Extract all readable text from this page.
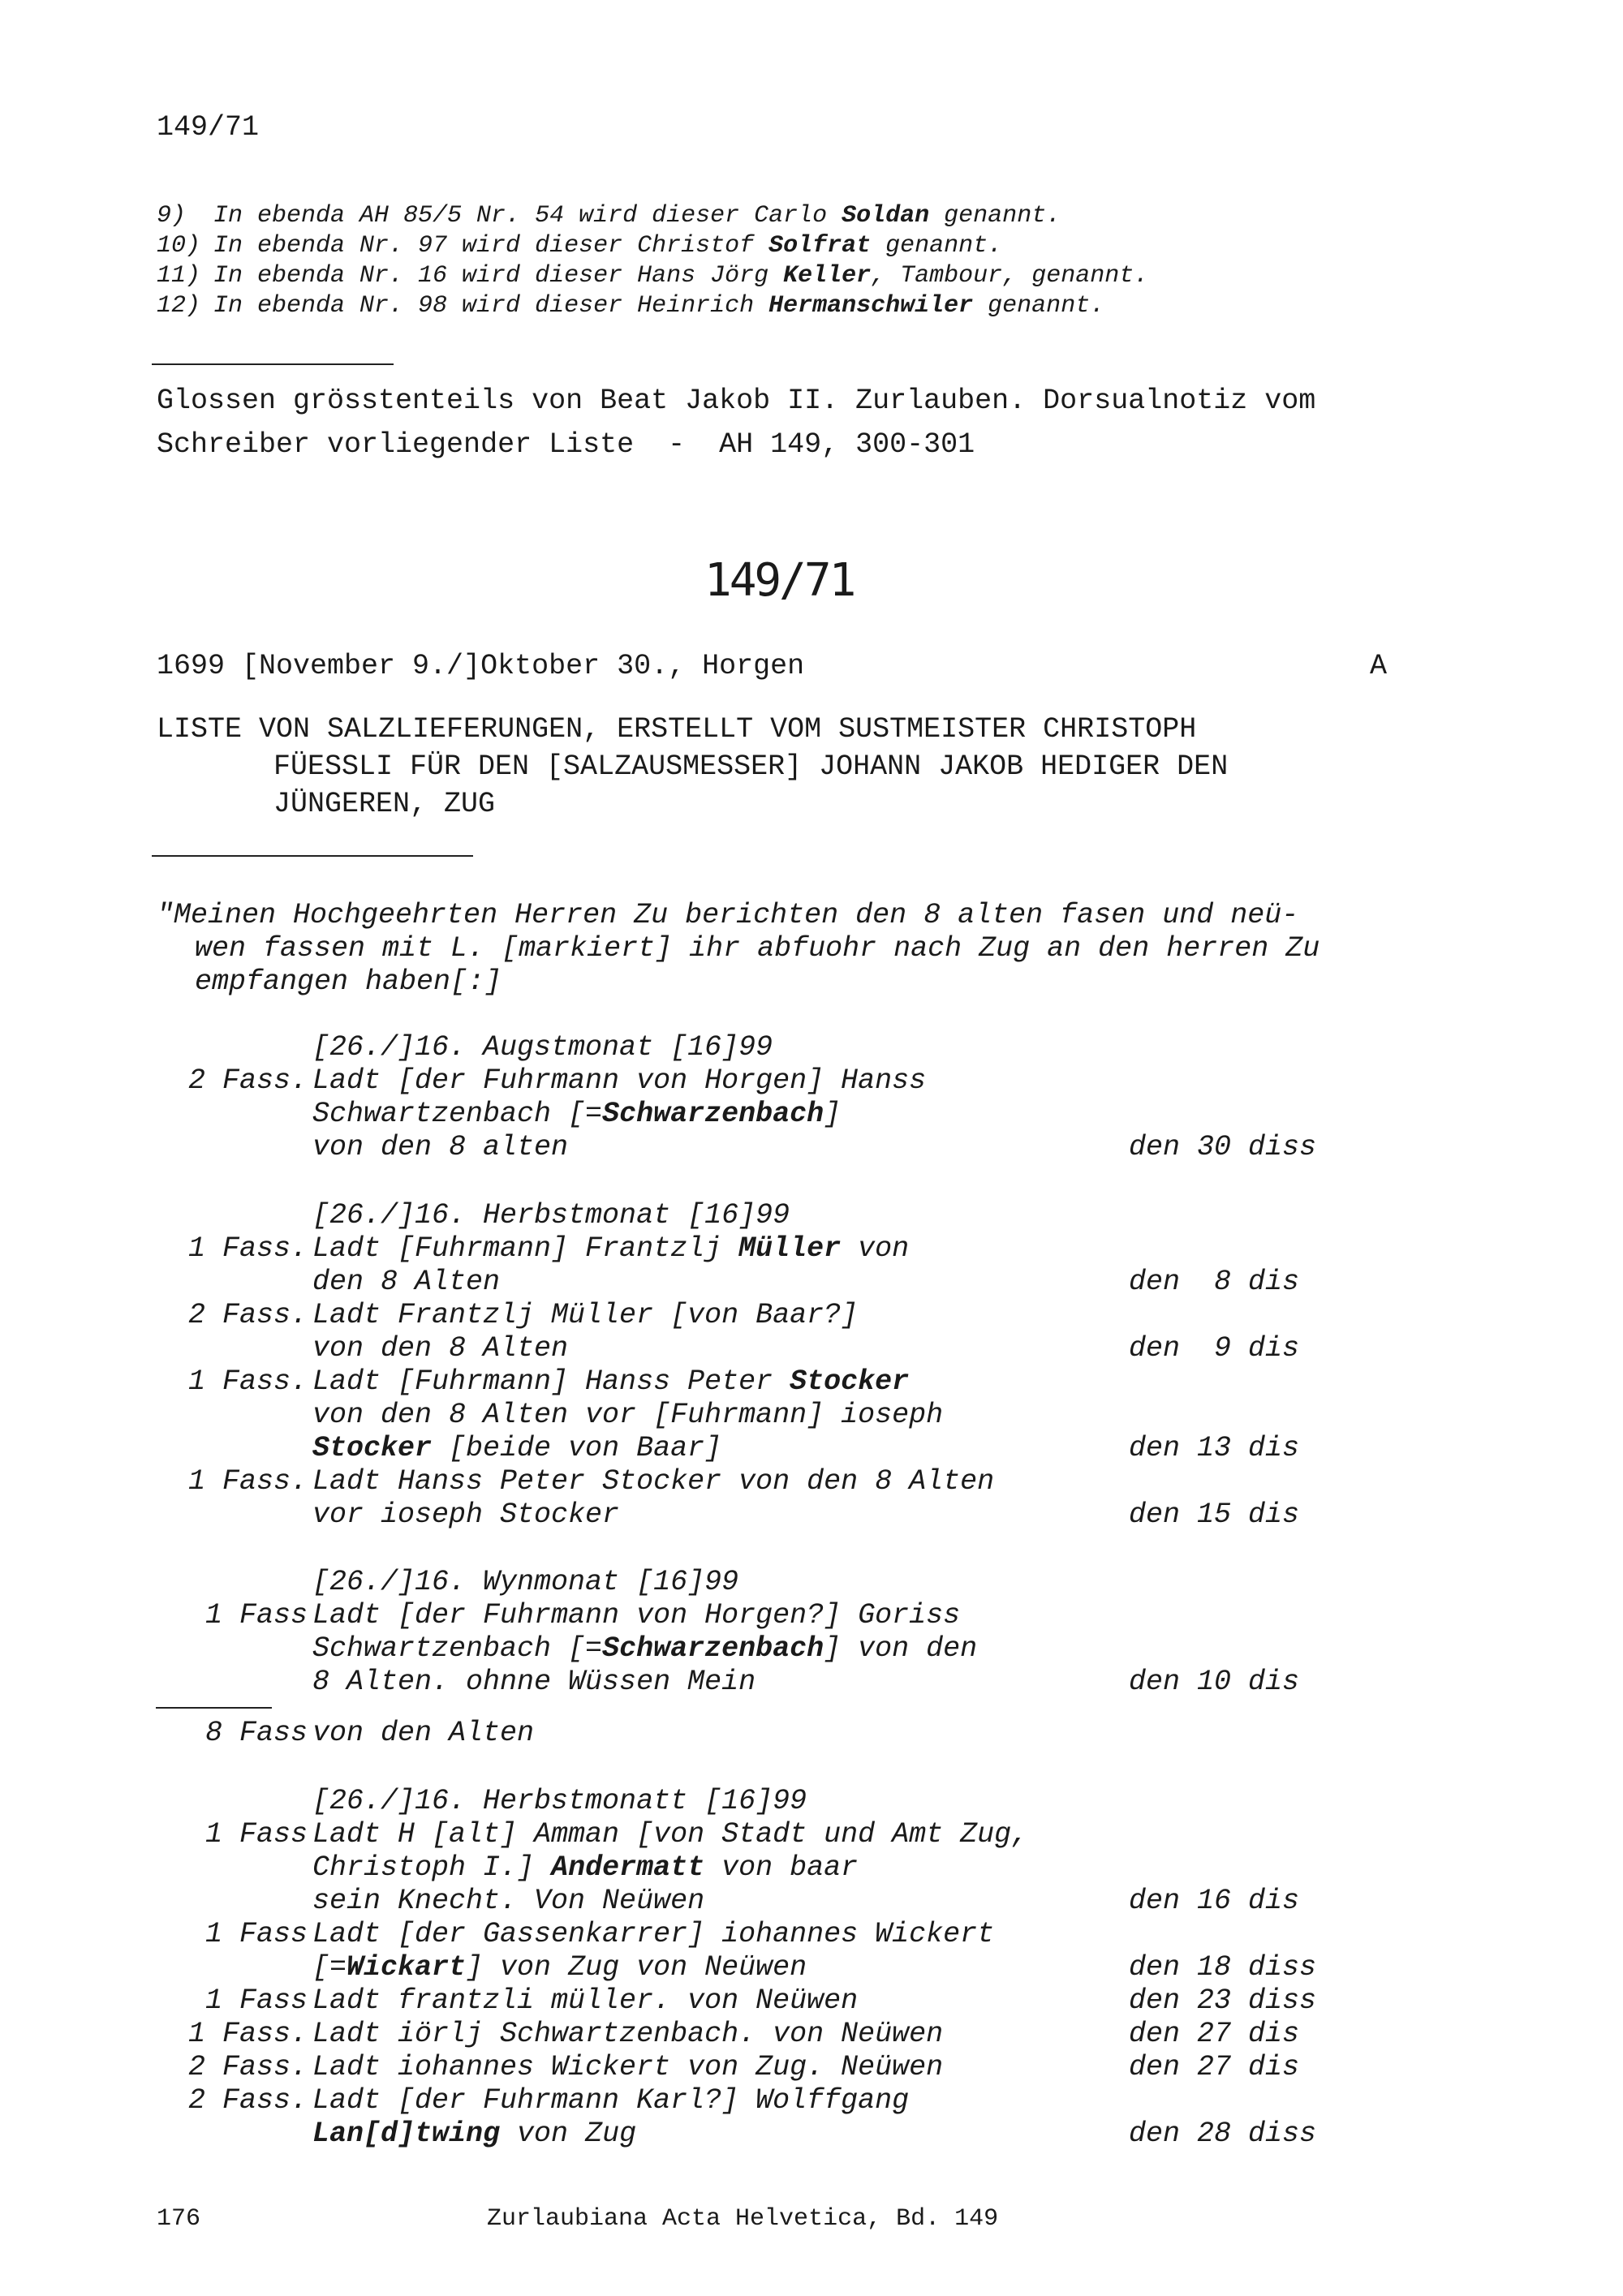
149/71
9) In ebenda AH 85/5 Nr. 54 wird dieser Carlo Soldan genannt.
10) In ebenda Nr. 97 wird dieser Christof Solfrat genannt.
11) In ebenda Nr. 16 wird dieser Hans Jörg Keller, Tambour, genannt.
12) In ebenda Nr. 98 wird dieser Heinrich Hermanschwiler genannt.
Glossen grösstenteils von Beat Jakob II. Zurlauben. Dorsualnotiz vom
Schreiber vorliegender Liste  -  AH 149, 300-301
149/71
1699 [November 9./]Oktober 30., Horgen	A
LISTE VON SALZLIEFERUNGEN, ERSTELLT VOM SUSTMEISTER CHRISTOPH
FÜESSLI FÜR DEN [SALZAUSMESSER] JOHANN JAKOB HEDIGER DEN
JÜNGEREN, ZUG
"Meinen Hochgeehrten Herren Zu berichten den 8 alten fasen und neü-
wen fassen mit L. [markiert] ihr abfuohr nach Zug an den herren Zu
empfangen haben[:]
[26./]16. Augstmonat [16]99
2 Fass. Ladt [der Fuhrmann von Horgen] Hanss
Schwartzenbach [=Schwarzenbach]
von den 8 alten	den 30 diss
[26./]16. Herbstmonat [16]99
1 Fass. Ladt [Fuhrmann] Frantzlj Müller von
den 8 Alten	den  8 dis
2 Fass. Ladt Frantzlj Müller [von Baar?]
von den 8 Alten	den  9 dis
1 Fass. Ladt [Fuhrmann] Hanss Peter Stocker
von den 8 Alten vor [Fuhrmann] ioseph
Stocker [beide von Baar]	den 13 dis
1 Fass. Ladt Hanss Peter Stocker von den 8 Alten
vor ioseph Stocker	den 15 dis
[26./]16. Wynmonat [16]99
1 Fass Ladt [der Fuhrmann von Horgen?] Goriss
Schwartzenbach [=Schwarzenbach] von den
8 Alten. ohnne Wüssen Mein	den 10 dis
8 Fass von den Alten
[26./]16. Herbstmonatt [16]99
1 Fass Ladt H [alt] Amman [von Stadt und Amt Zug,
Christoph I.] Andermatt von baar
sein Knecht. Von Neüwen	den 16 dis
1 Fass Ladt [der Gassenkarrer] iohannes Wickert
[=Wickart] von Zug von Neüwen	den 18 diss
1 Fass Ladt frantzli müller. von Neüwen	den 23 diss
1 Fass. Ladt iörlj Schwartzenbach. von Neüwen	den 27 dis
2 Fass. Ladt iohannes Wickert von Zug. Neüwen	den 27 dis
2 Fass. Ladt [der Fuhrmann Karl?] Wolffgang
Lan[d]twing von Zug	den 28 diss
176	Zurlaubiana Acta Helvetica, Bd. 149
